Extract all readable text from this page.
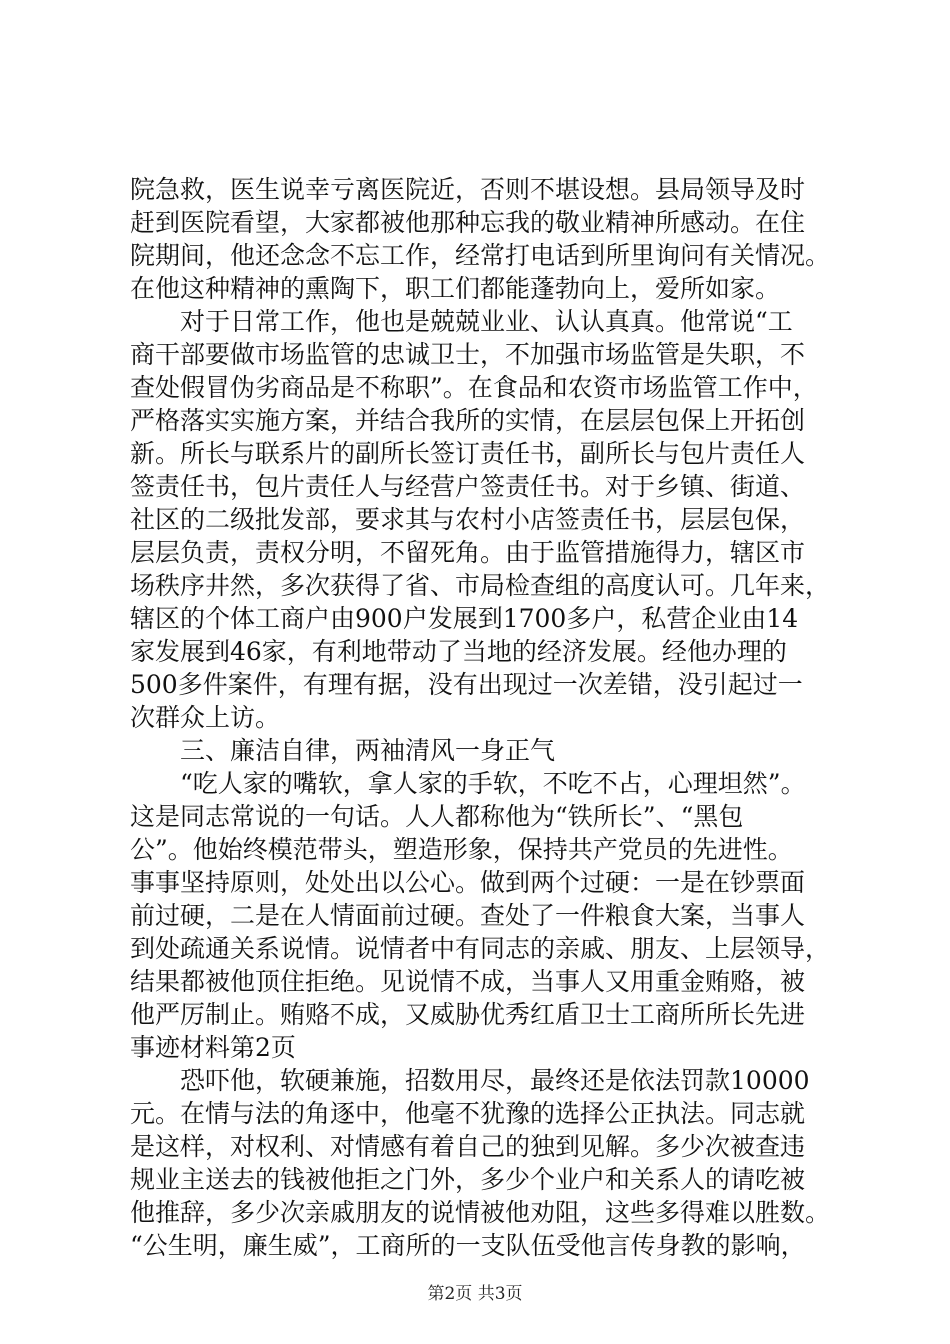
院急救，医生说幸亏离医院近，否则不堪设想。县局领导及时
赶到医院看望，大家都被他那种忘我的敬业精神所感动。在住
院期间，他还念念不忘工作，经常打电话到所里询问有关情况。
在他这种精神的熏陶下，职工们都能蓬勃向上，爱所如家。
　　对于日常工作，他也是兢兢业业、认认真真。他常说“工
商干部要做市场监管的忠诚卫士，不加强市场监管是失职，不
查处假冒伪劣商品是不称职”。在食品和农资市场监管工作中，
严格落实实施方案，并结合我所的实情，在层层包保上开拓创
新。所长与联系片的副所长签订责任书，副所长与包片责任人
签责任书，包片责任人与经营户签责任书。对于乡镇、街道、
社区的二级批发部，要求其与农村小店签责任书，层层包保，
层层负责，责权分明，不留死角。由于监管措施得力，辖区市
场秩序井然，多次获得了省、市局检查组的高度认可。几年来，
辖区的个体工商户由900户发展到1700多户，私营企业由14
家发展到46家，有利地带动了当地的经济发展。经他办理的
500多件案件，有理有据，没有出现过一次差错，没引起过一
次群众上访。
　　三、廉洁自律，两袖清风一身正气
　　“吃人家的嘴软，拿人家的手软，不吃不占，心理坦然”。
这是同志常说的一句话。人人都称他为“铁所长”、“黑包
公”。他始终模范带头，塑造形象，保持共产党员的先进性。
事事坚持原则，处处出以公心。做到两个过硬：一是在钞票面
前过硬，二是在人情面前过硬。查处了一件粮食大案，当事人
到处疏通关系说情。说情者中有同志的亲戚、朋友、上层领导，
结果都被他顶住拒绝。见说情不成，当事人又用重金贿赂，被
他严厉制止。贿赂不成，又威胁优秀红盾卫士工商所所长先进
事迹材料第2页
　　恐吓他，软硬兼施，招数用尽，最终还是依法罚款10000
元。在情与法的角逐中，他毫不犹豫的选择公正执法。同志就
是这样，对权利、对情感有着自己的独到见解。多少次被查违
规业主送去的钱被他拒之门外，多少个业户和关系人的请吃被
他推辞，多少次亲戚朋友的说情被他劝阻，这些多得难以胜数。
“公生明，廉生威”，工商所的一支队伍受他言传身教的影响，
第2页 共3页
